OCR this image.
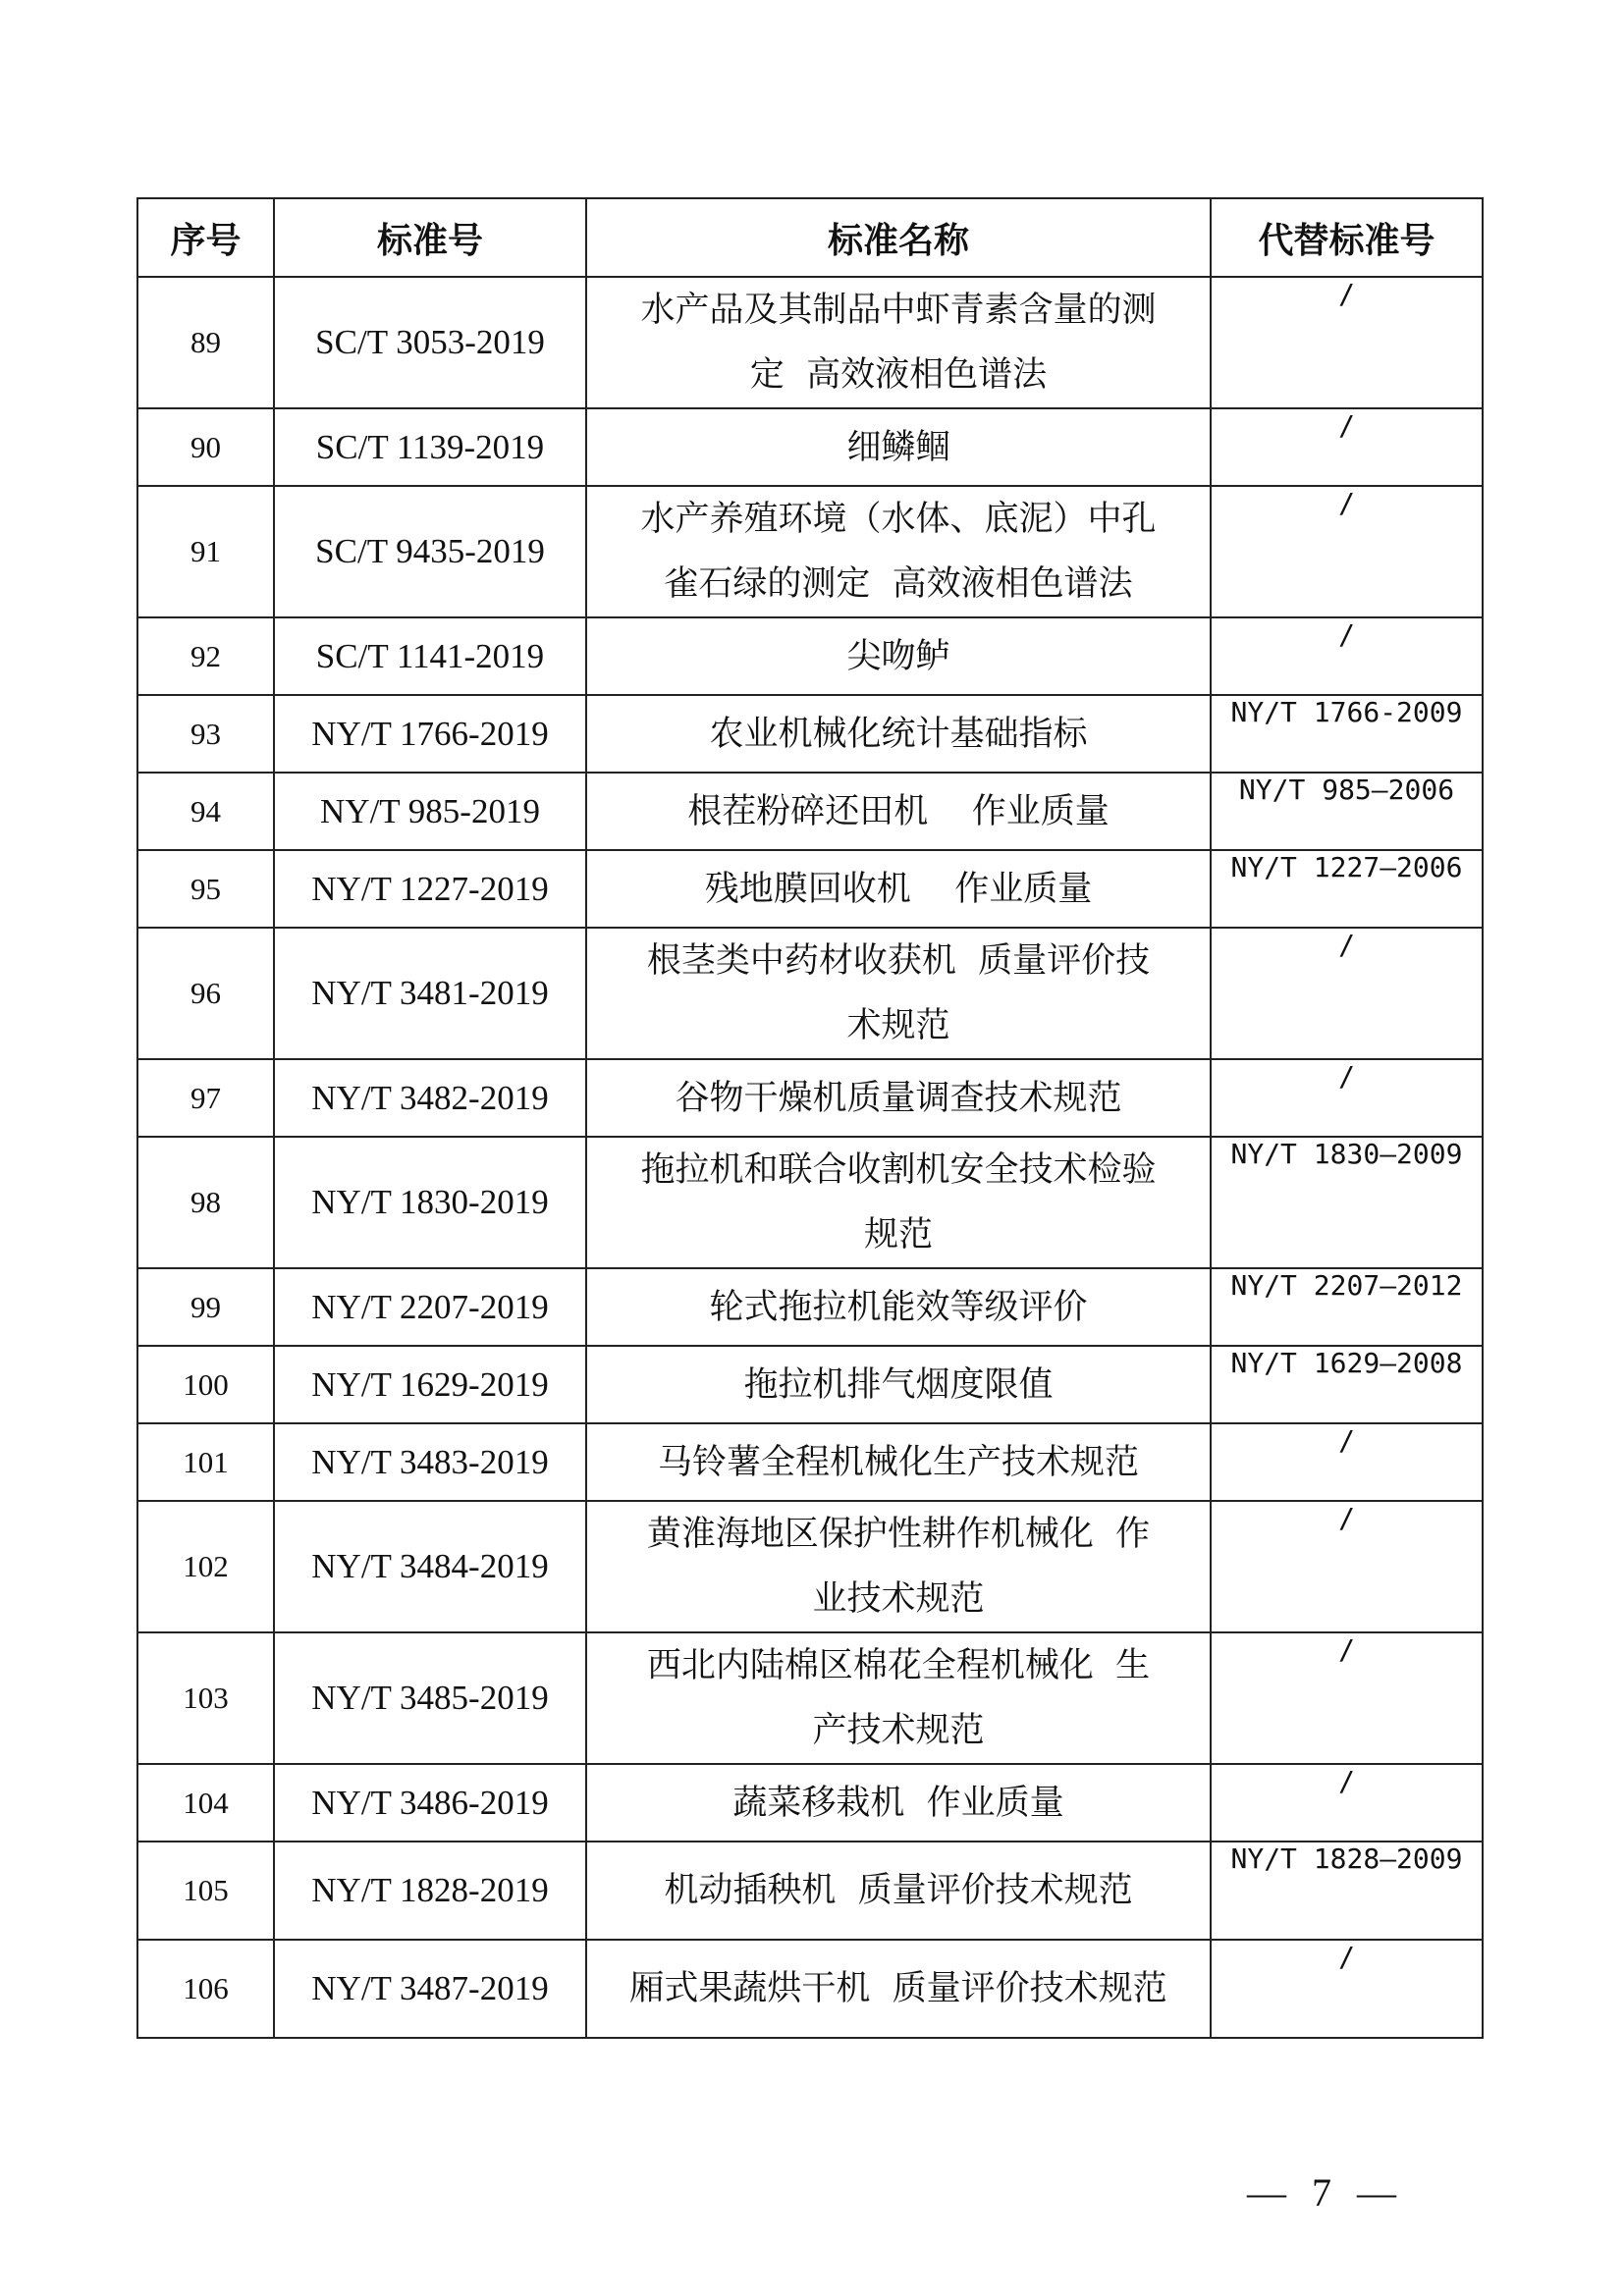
序号	标准号	标准名称	代替标准号
89	SC/T 3053-2019	水产品及其制品中虾青素含量的测
定  高效液相色谱法	/
90	SC/T 1139-2019	细鳞鲴	/
91	SC/T 9435-2019	水产养殖环境（水体、底泥）中孔
雀石绿的测定  高效液相色谱法	/
92	SC/T 1141-2019	尖吻鲈	/
93	NY/T 1766-2019	农业机械化统计基础指标	NY/T 1766-2009
94	NY/T 985-2019	根茬粉碎还田机    作业质量	NY/T 985—2006
95	NY/T 1227-2019	残地膜回收机    作业质量	NY/T 1227—2006
96	NY/T 3481-2019	根茎类中药材收获机  质量评价技
术规范	/
97	NY/T 3482-2019	谷物干燥机质量调查技术规范	/
98	NY/T 1830-2019	拖拉机和联合收割机安全技术检验
规范	NY/T 1830—2009
99	NY/T 2207-2019	轮式拖拉机能效等级评价	NY/T 2207—2012
100	NY/T 1629-2019	拖拉机排气烟度限值	NY/T 1629—2008
101	NY/T 3483-2019	马铃薯全程机械化生产技术规范	/
102	NY/T 3484-2019	黄淮海地区保护性耕作机械化  作
业技术规范	/
103	NY/T 3485-2019	西北内陆棉区棉花全程机械化  生
产技术规范	/
104	NY/T 3486-2019	蔬菜移栽机  作业质量	/
105	NY/T 1828-2019	机动插秧机  质量评价技术规范	NY/T 1828—2009
106	NY/T 3487-2019	厢式果蔬烘干机  质量评价技术规范	/
— 7 —
